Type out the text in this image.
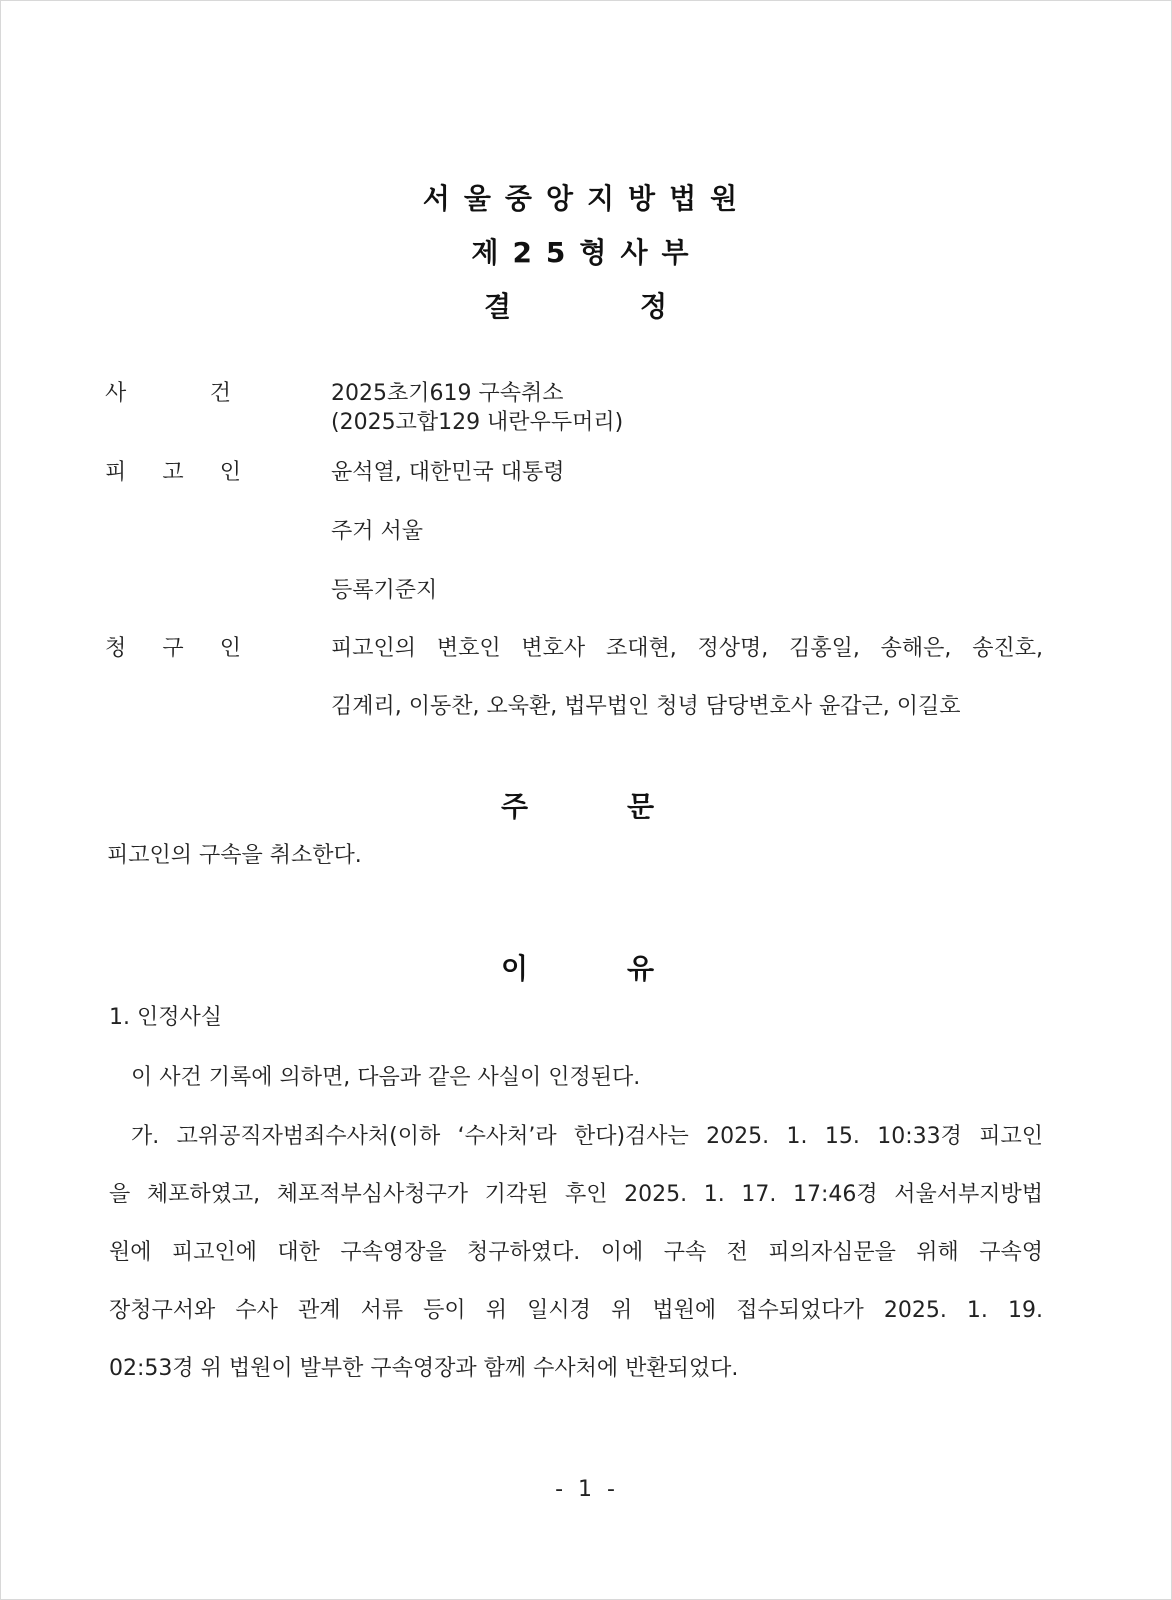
서울중앙지방법원
제25형사부
결	정
사	건	2025초기619 구속취소
(2025고합129 내란우두머리)
피 고 인	윤석열, 대한민국 대통령
주거 서울
등록기준지
청 구 인	피고인의 변호인 변호사 조대현, 정상명, 김홍일, 송해은, 송진호,
김계리, 이동찬, 오욱환, 법무법인 청녕 담당변호사 윤갑근, 이길호
주	문
피고인의 구속을 취소한다.
이	유
1. 인정사실
이 사건 기록에 의하면, 다음과 같은 사실이 인정된다.
가. 고위공직자범죄수사처(이하 ‘수사처’라 한다)검사는 2025. 1. 15. 10:33경 피고인
을 체포하였고, 체포적부심사청구가 기각된 후인 2025. 1. 17. 17:46경 서울서부지방법
원에 피고인에 대한 구속영장을 청구하였다. 이에 구속 전 피의자심문을 위해 구속영
장청구서와 수사 관계 서류 등이 위 일시경 위 법원에 접수되었다가 2025. 1. 19.
02:53경 위 법원이 발부한 구속영장과 함께 수사처에 반환되었다.
- 1 -
